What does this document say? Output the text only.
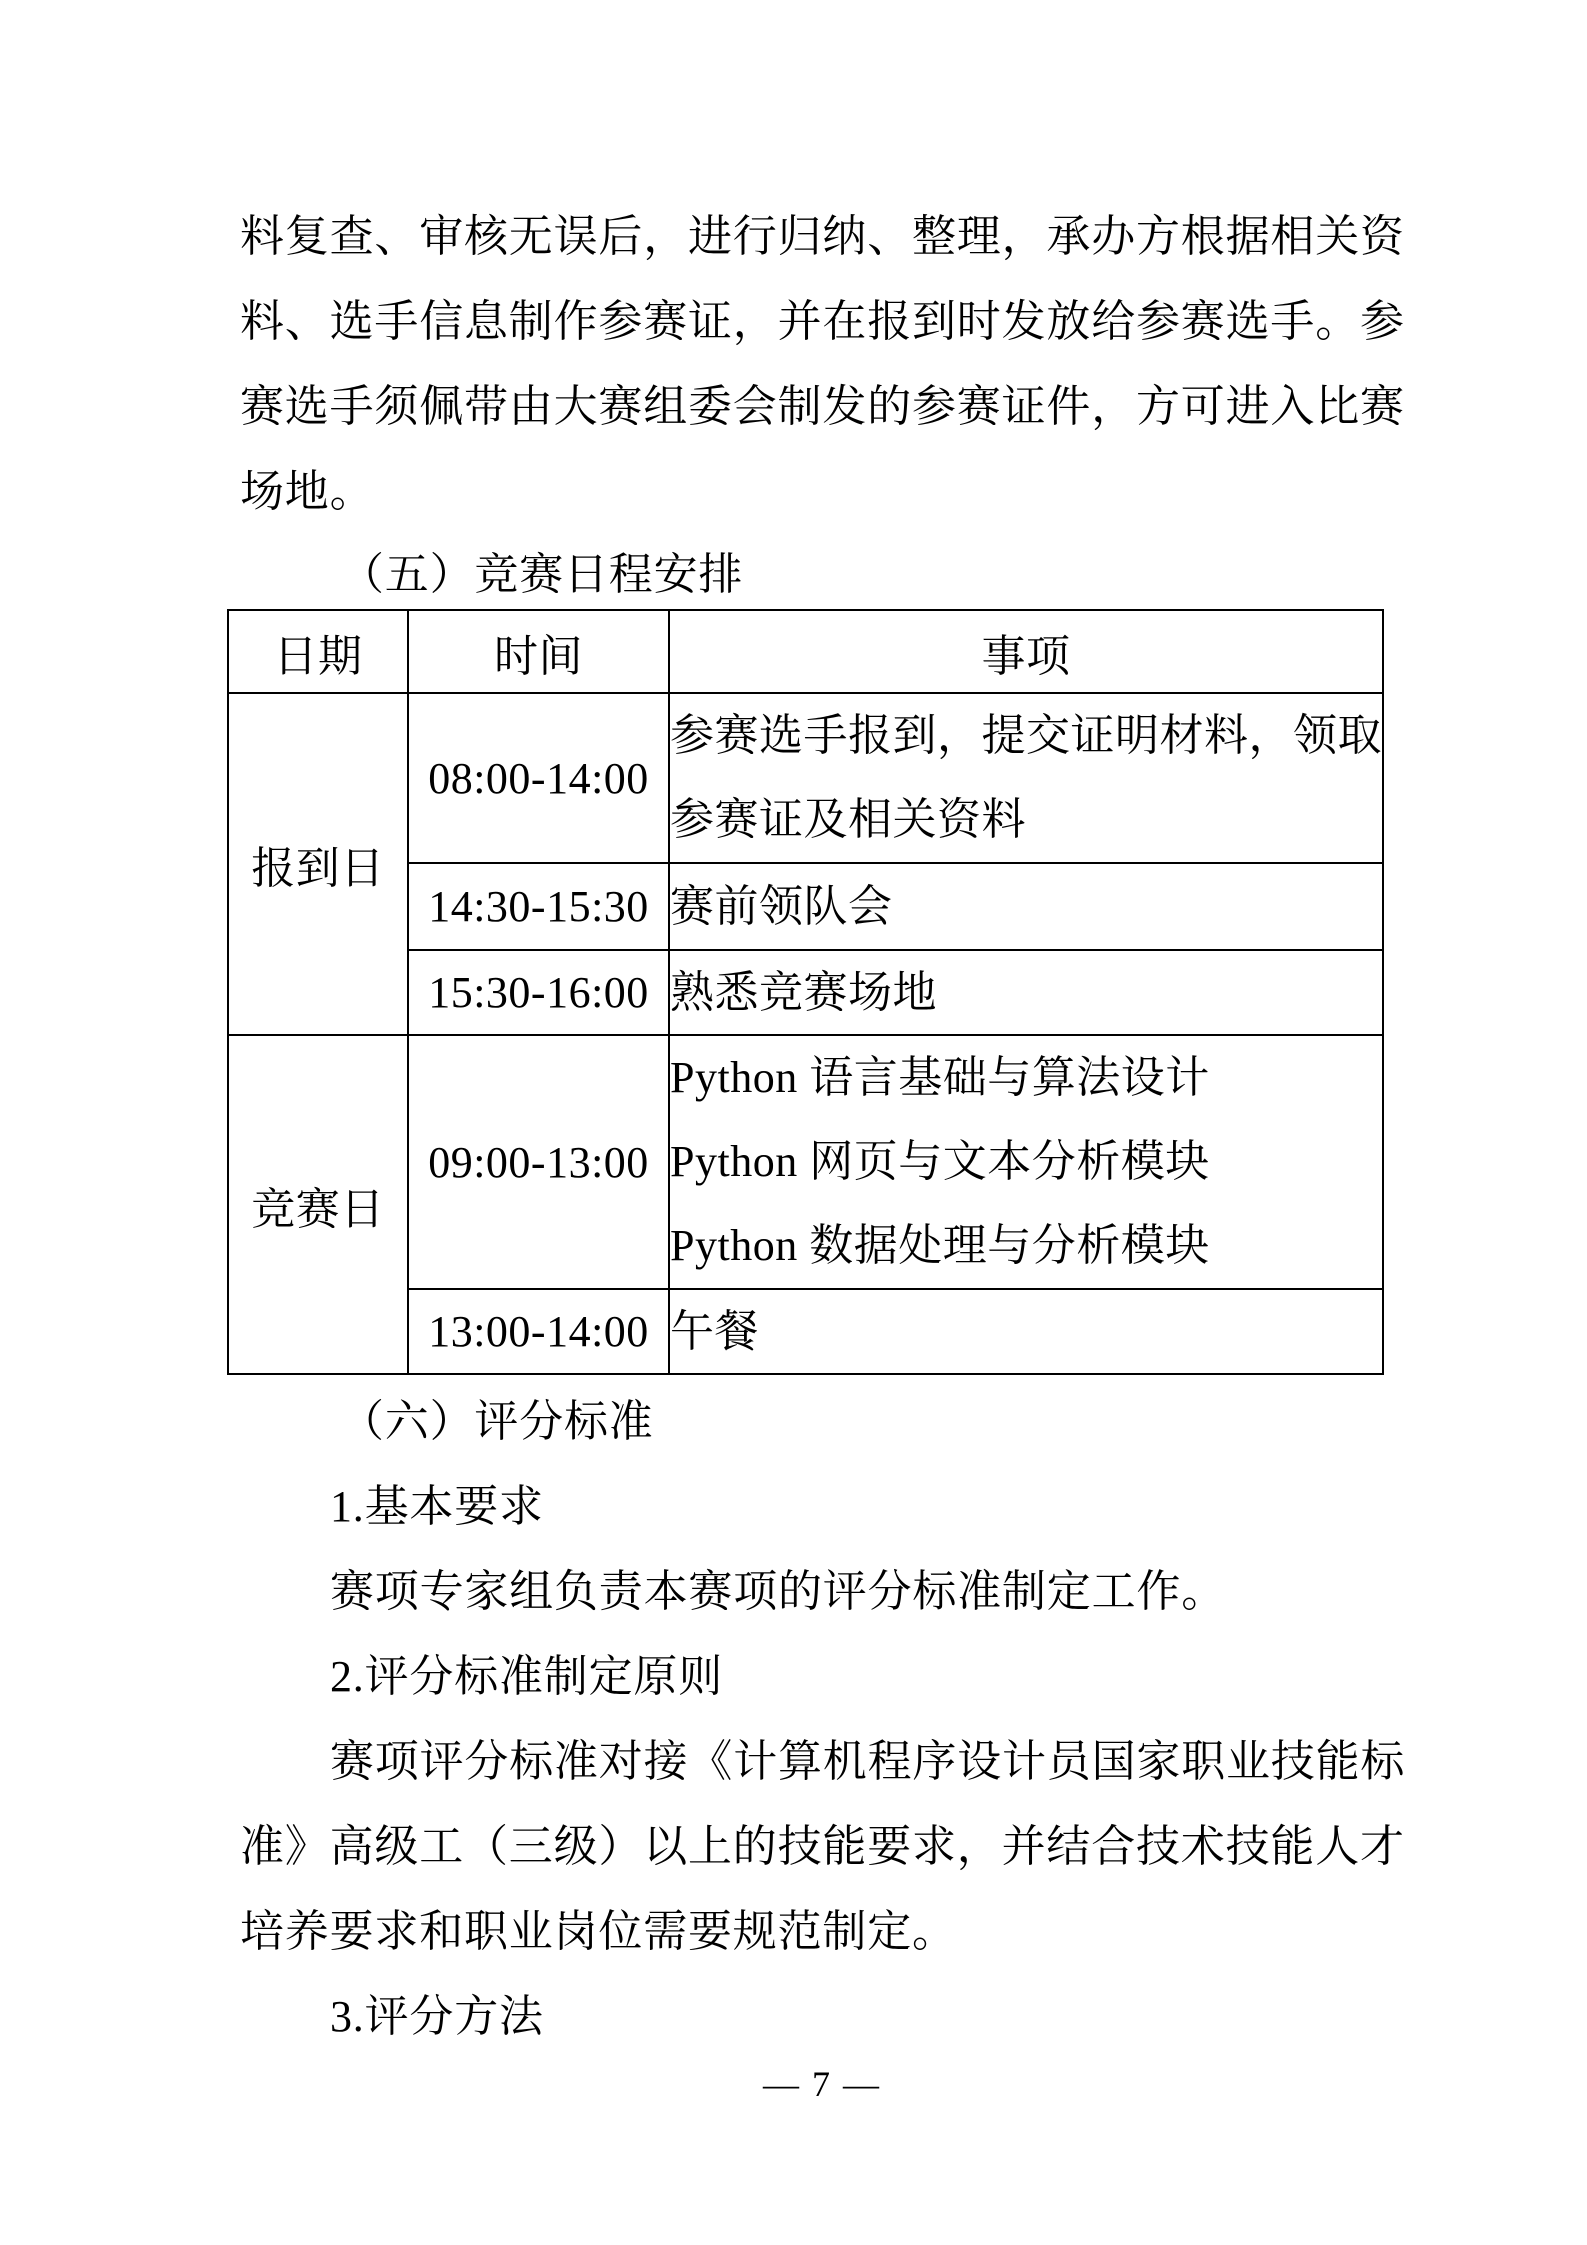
料复查、审核无误后，进行归纳、整理，承办方根据相关资
料、选手信息制作参赛证，并在报到时发放给参赛选手。参
赛选手须佩带由大赛组委会制发的参赛证件，方可进入比赛
场地。
（五）竞赛日程安排
日期	时间	事项
报到日	08:00-14:00	参赛选手报到，提交证明材料，领取
参赛证及相关资料

	14:30-15:30	赛前领队会

	15:30-16:00	熟悉竞赛场地

竞赛日	09:00-13:00	Python 语言基础与算法设计
Python 网页与文本分析模块
Python 数据处理与分析模块

	13:00-14:00	午餐
（六）评分标准
1.基本要求
赛项专家组负责本赛项的评分标准制定工作。
2.评分标准制定原则
赛项评分标准对接《计算机程序设计员国家职业技能标
准》高级工（三级）以上的技能要求，并结合技术技能人才
培养要求和职业岗位需要规范制定。
3.评分方法
— 7 —
